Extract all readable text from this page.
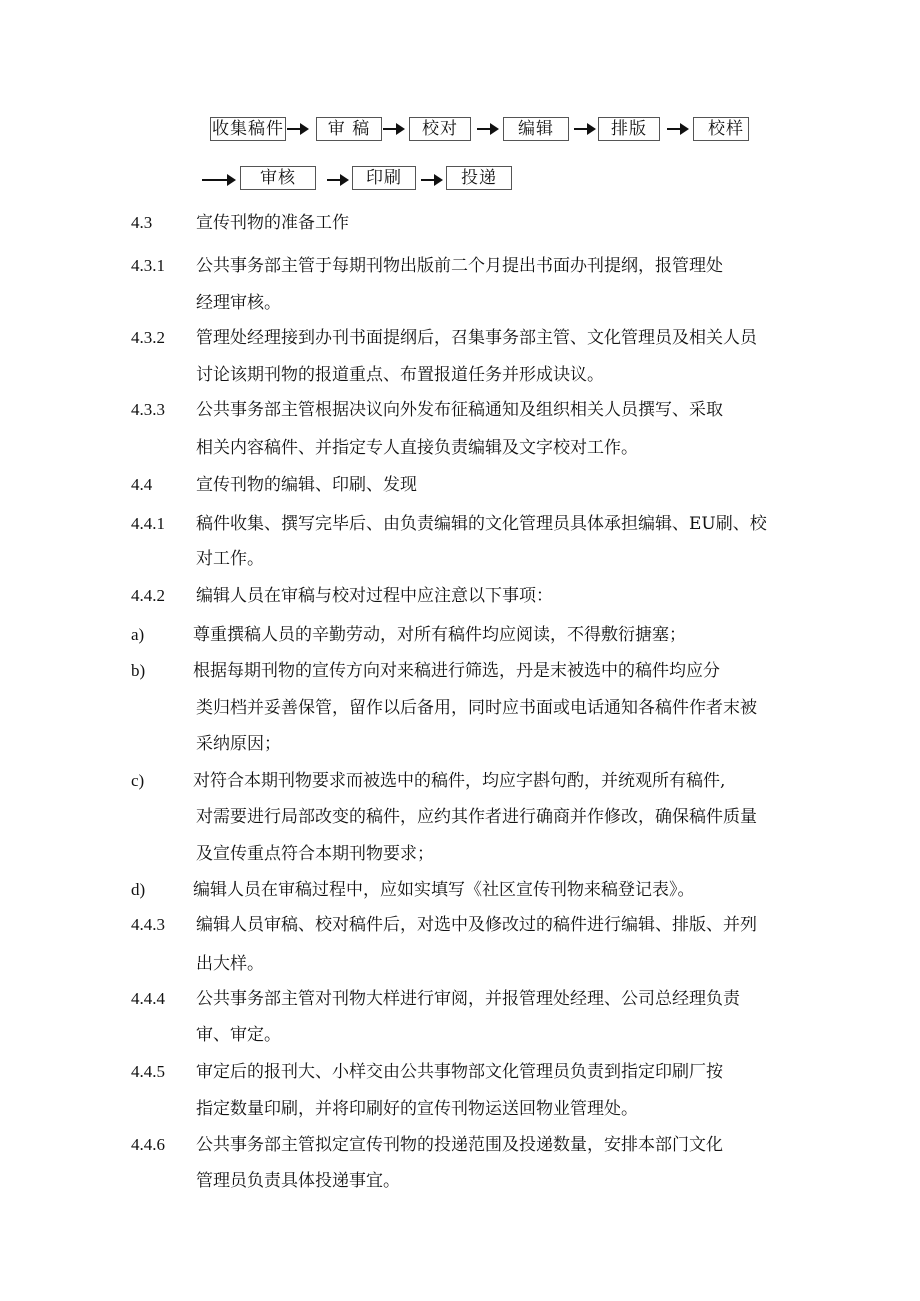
收集稿件	审 稿	校对	编辑	排版	校样
审核	印刷	投递
4.3	宣传刊物的准备工作
4.3.1 公共事务部主管于每期刊物出版前二个月提出书面办刊提纲，报管理处
经理审核。
4.3.2 管理处经理接到办刊书面提纲后，召集事务部主管、文化管理员及相关人员
讨论该期刊物的报道重点、布置报道任务并形成诀议。
4.3.3 公共事务部主管根据决议向外发布征稿通知及组织相关人员撰写、采取
相关内容稿件、并指定专人直接负责编辑及文字校对工作。
4.4	宣传刊物的编辑、印刷、发现
4.4.1 稿件收集、撰写完毕后、由负责编辑的文化管理员具体承担编辑、EU刷、校
对工作。
4.4.2 编辑人员在审稿与校对过程中应注意以下事项：
a)	尊重撰稿人员的辛勤劳动，对所有稿件均应阅读，不得敷衍搪塞；
b)	根据每期刊物的宣传方向对来稿进行筛选，丹是末被选中的稿件均应分
类归档并妥善保管，留作以后备用，同时应书面或电话通知各稿件作者末被
采纳原因；
c)	对符合本期刊物要求而被选中的稿件，均应字斟句酌，并统观所有稿件,
对需要进行局部改变的稿件，应约其作者进行确商并作修改，确保稿件质量
及宣传重点符合本期刊物要求；
d)	编辑人员在审稿过程中，应如实填写《社区宣传刊物来稿登记表》。
4.4.3 编辑人员审稿、校对稿件后，对选中及修改过的稿件进行编辑、排版、并列
出大样。
4.4.4 公共事务部主管对刊物大样进行审阅，并报管理处经理、公司总经理负责
审、审定。
4.4.5 审定后的报刊大、小样交由公共事物部文化管理员负责到指定印刷厂按
指定数量印刷，并将印刷好的宣传刊物运送回物业管理处。
4.4.6 公共事务部主管拟定宣传刊物的投递范围及投递数量，安排本部门文化
管理员负责具体投递事宜。
